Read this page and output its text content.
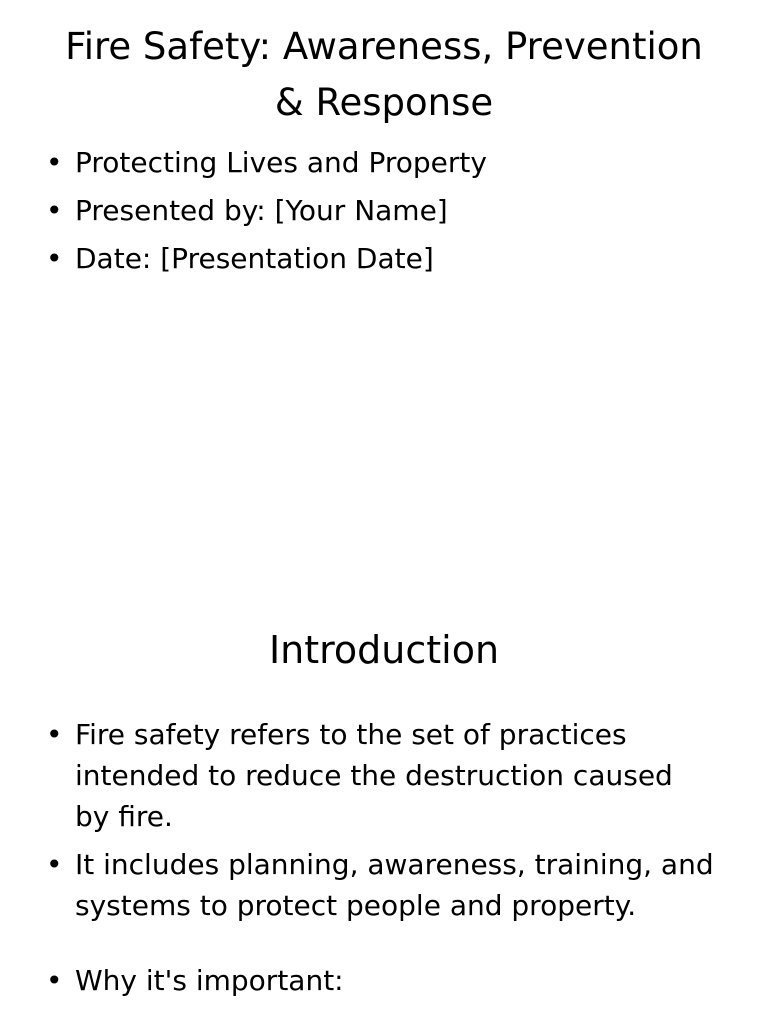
Fire Safety: Awareness, Prevention
& Response
• Protecting Lives and Property
• Presented by: [Your Name]
• Date: [Presentation Date]
Introduction
• Fire safety refers to the set of practices intended to reduce the destruction caused by fire.
• It includes planning, awareness, training, and systems to protect people and property.
• Why it's important:
